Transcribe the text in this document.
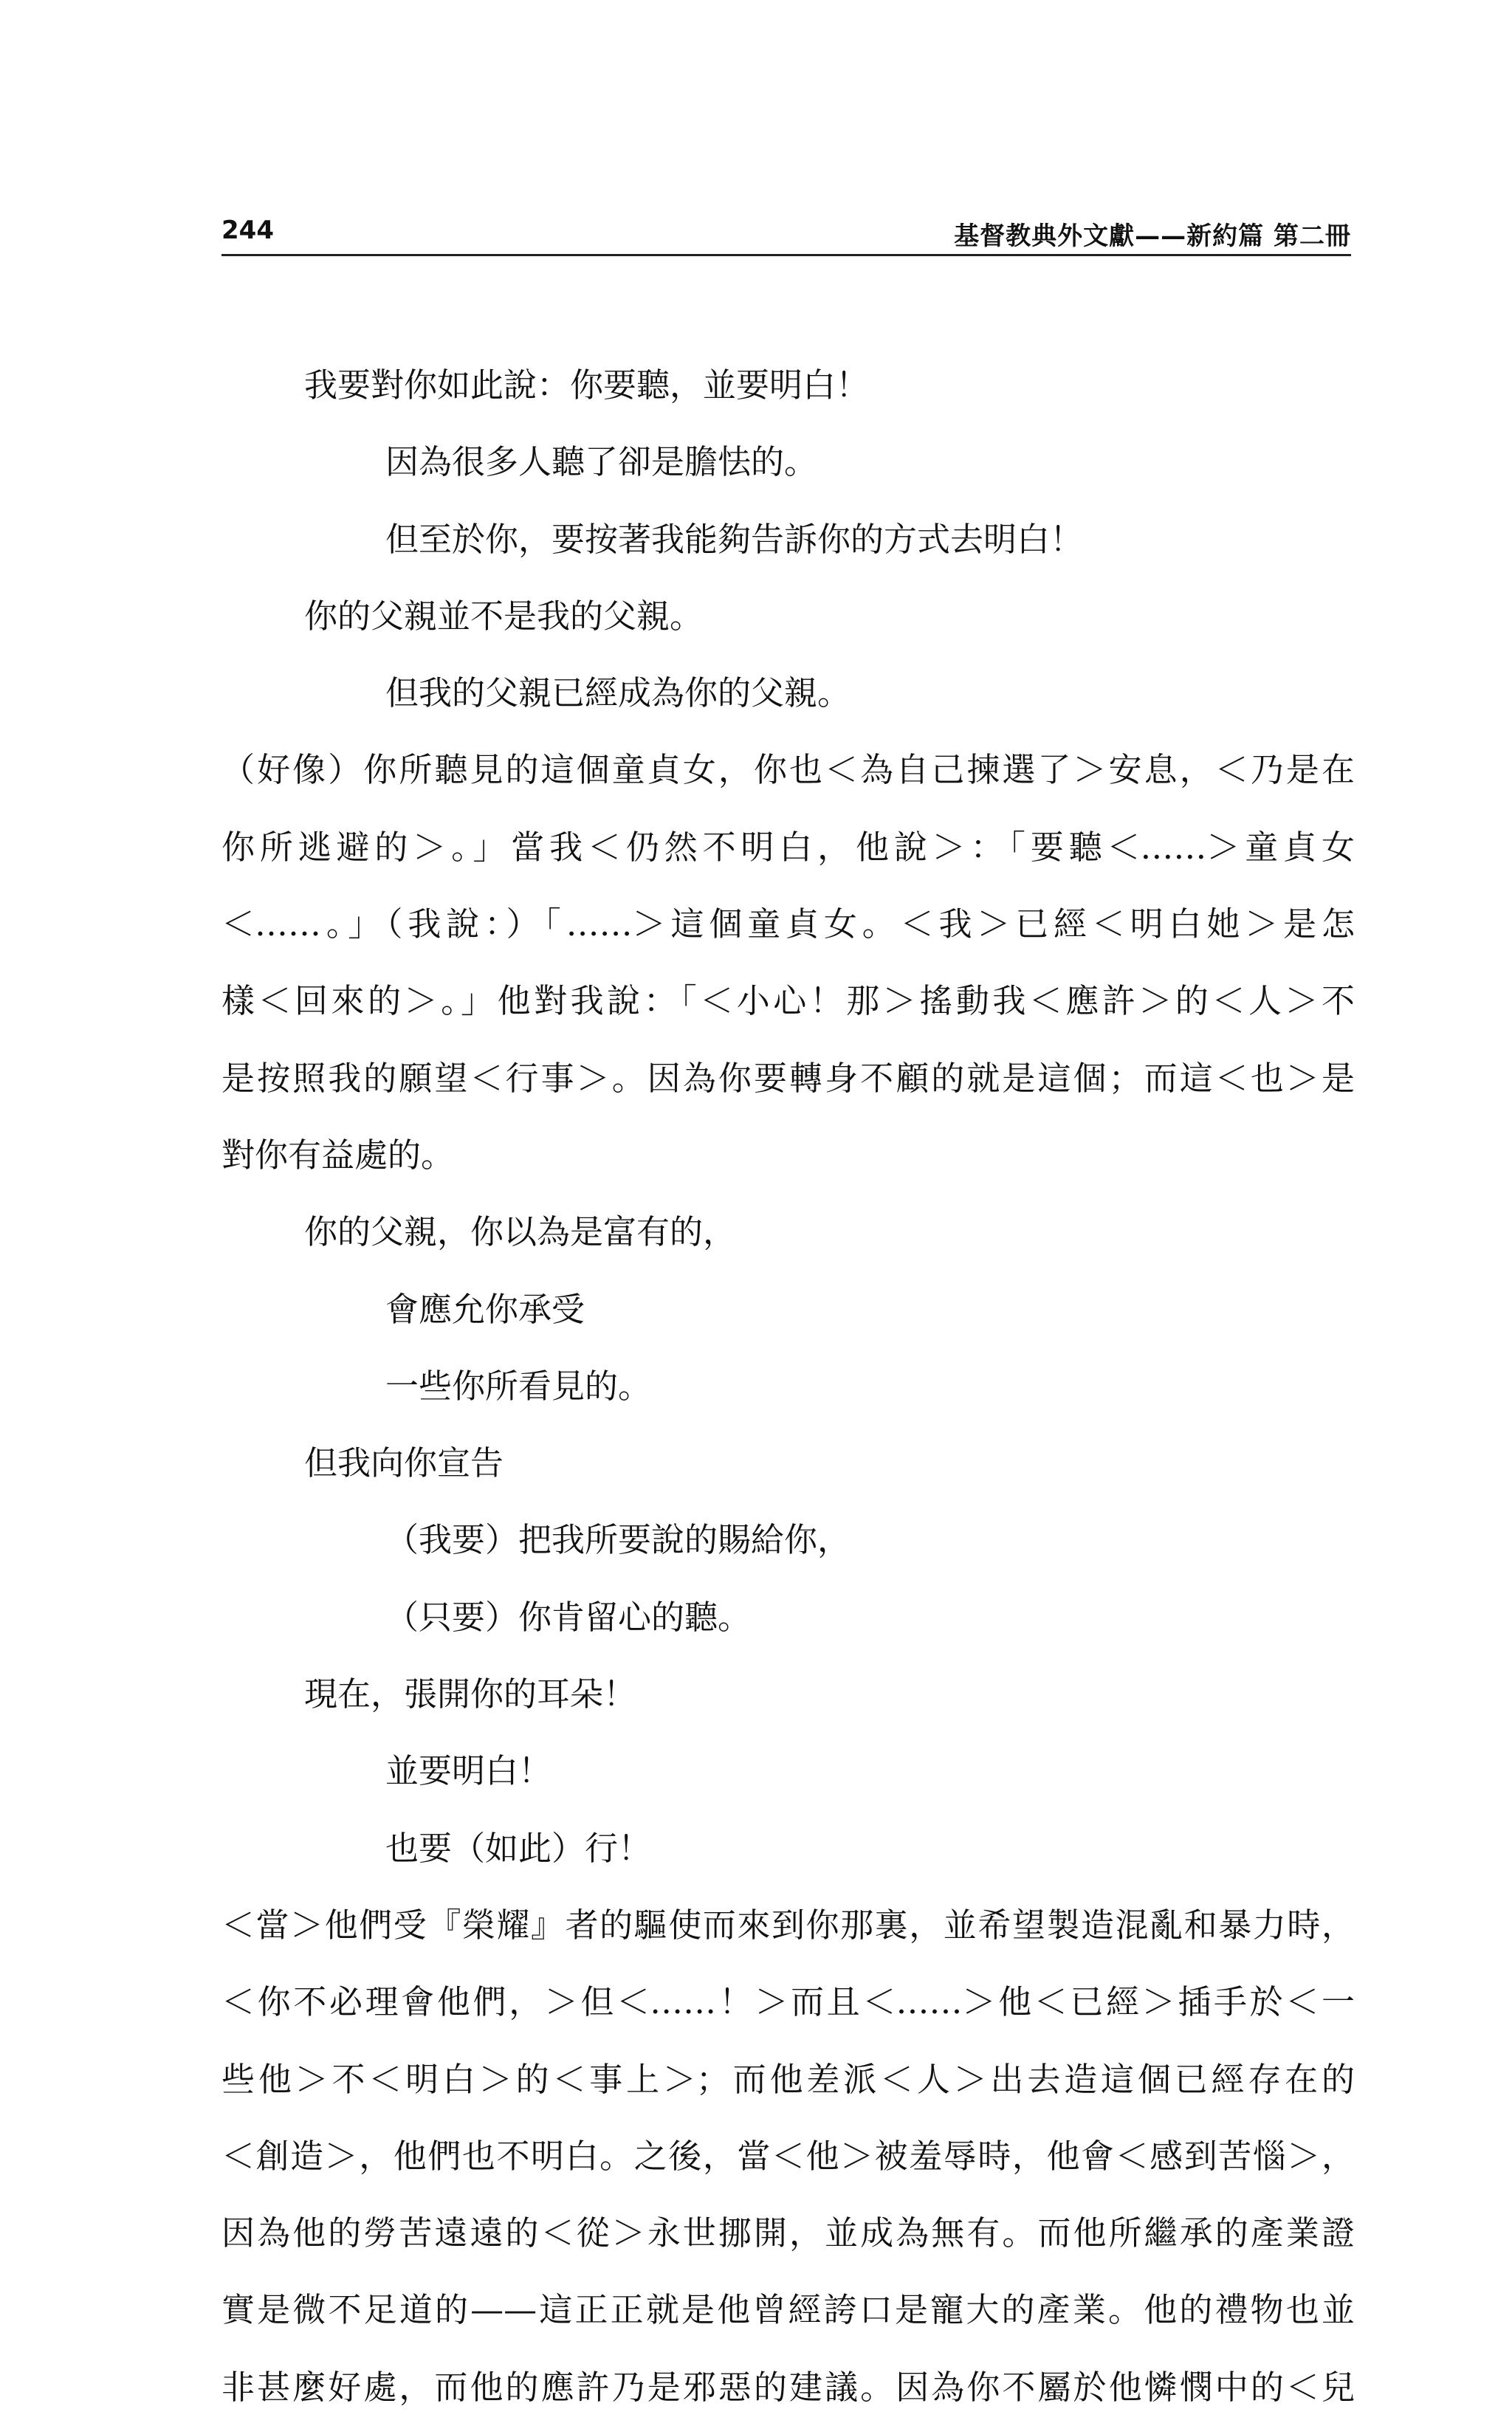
244	基督教典外文獻——新約篇 第二冊
我要對你如此說：你要聽，並要明白！
因為很多人聽了卻是膽怯的。
但至於你，要按著我能夠告訴你的方式去明白！
你的父親並不是我的父親。
但我的父親已經成為你的父親。
（好像）你所聽見的這個童貞女，你也＜為自己揀選了＞安息，＜乃是在
你所逃避的＞。」當我＜仍然不明白，他說＞：「要聽＜……＞童貞女
＜……。」（我說：）「……＞這個童貞女。＜我＞已經＜明白她＞是怎
樣＜回來的＞。」他對我說：「＜小心！那＞搖動我＜應許＞的＜人＞不
是按照我的願望＜行事＞。因為你要轉身不顧的就是這個；而這＜也＞是
對你有益處的。
你的父親，你以為是富有的，
會應允你承受
一些你所看見的。
但我向你宣告
（我要）把我所要說的賜給你，
（只要）你肯留心的聽。
現在，張開你的耳朵！
並要明白！
也要（如此）行！
＜當＞他們受『榮耀』者的驅使而來到你那裏，並希望製造混亂和暴力時，
＜你不必理會他們，＞但＜……！＞而且＜……＞他＜已經＞插手於＜一
些他＞不＜明白＞的＜事上＞；而他差派＜人＞出去造這個已經存在的
＜創造＞，他們也不明白。之後，當＜他＞被羞辱時，他會＜感到苦惱＞，
因為他的勞苦遠遠的＜從＞永世挪開，並成為無有。而他所繼承的產業證
實是微不足道的——這正正就是他曾經誇口是寵大的產業。他的禮物也並
非甚麼好處，而他的應許乃是邪惡的建議。因為你不屬於他憐憫中的＜兒
